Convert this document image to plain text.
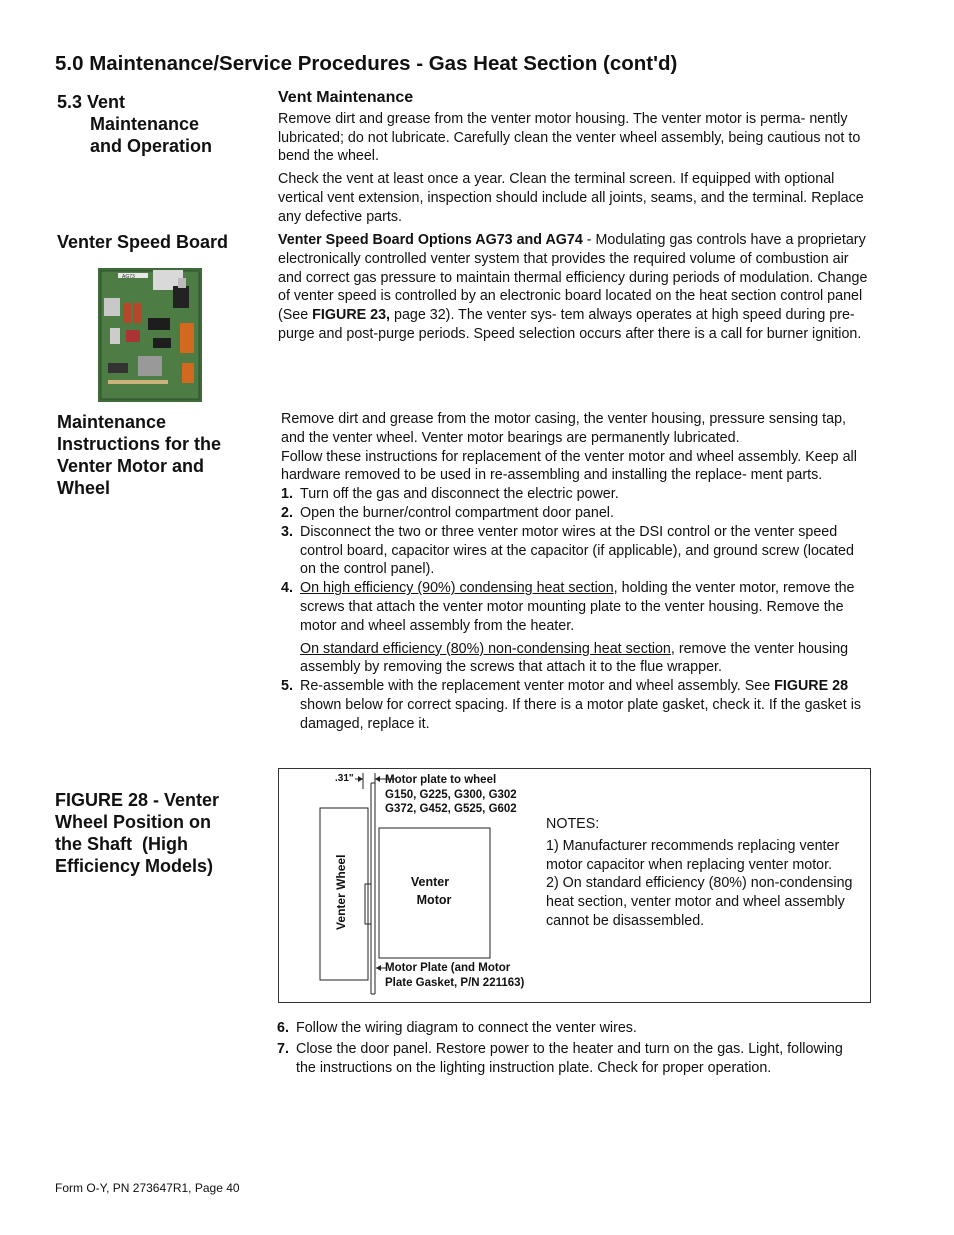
5.0 Maintenance/Service Procedures - Gas Heat Section (cont'd)
5.3 Vent
Maintenance
and Operation
Vent Maintenance

Remove dirt and grease from the venter motor housing. The venter motor is perma- nently lubricated; do not lubricate. Carefully clean the venter wheel assembly, being cautious not to bend the wheel.

Check the vent at least once a year. Clean the terminal screen. If equipped with optional vertical vent extension, inspection should include all joints, seams, and the terminal. Replace any defective parts.

Venter Speed Board
AG73

Venter Speed Board Options AG73 and AG74 - Modulating gas controls have a proprietary electronically controlled venter system that provides the required volume of combustion air and correct gas pressure to maintain thermal efficiency during periods of modulation. Change of venter speed is controlled by an electronic board located on the heat section control panel (See FIGURE 23, page 32). The venter sys- tem always operates at high speed during pre-purge and post-purge periods. Speed selection occurs after there is a call for burner ignition.

Maintenance
Instructions for the
Venter Motor and
Wheel

Remove dirt and grease from the motor casing, the venter housing, pressure sensing tap, and the venter wheel. Venter motor bearings are permanently lubricated.

Follow these instructions for replacement of the venter motor and wheel assembly. Keep all hardware removed to be used in re-assembling and installing the replace- ment parts.

1. Turn off the gas and disconnect the electric power.
2. Open the burner/control compartment door panel.
3. Disconnect the two or three venter motor wires at the DSI control or the venter speed control board, capacitor wires at the capacitor (if applicable), and ground screw (located on the control panel).
4. On high efficiency (90%) condensing heat section, holding the venter motor, remove the screws that attach the venter motor mounting plate to the venter housing. Remove the motor and wheel assembly from the heater.
On standard efficiency (80%) non-condensing heat section, remove the venter housing assembly by removing the screws that attach it to the flue wrapper.
5. Re-assemble with the replacement venter motor and wheel assembly. See FIGURE 28 shown below for correct spacing. If there is a motor plate gasket, check it. If the gasket is damaged, replace it.
FIGURE 28 - Venter
Wheel Position on
the Shaft  (High
Efficiency Models)
.31"	Motor plate to wheel
G150, G225, G300, G302
G372, G452, G525, G602
Venter Wheel	Venter
Motor
Motor Plate (and Motor
Plate Gasket, P/N 221163)
NOTES:
1) Manufacturer recommends replacing venter motor capacitor when replacing venter motor.
2) On standard efficiency (80%) non-condensing heat section, venter motor and wheel assembly cannot be disassembled.
6. Follow the wiring diagram to connect the venter wires.
7. Close the door panel. Restore power to the heater and turn on the gas. Light, following the instructions on the lighting instruction plate. Check for proper operation.
Form O-Y, PN 273647R1, Page 40
